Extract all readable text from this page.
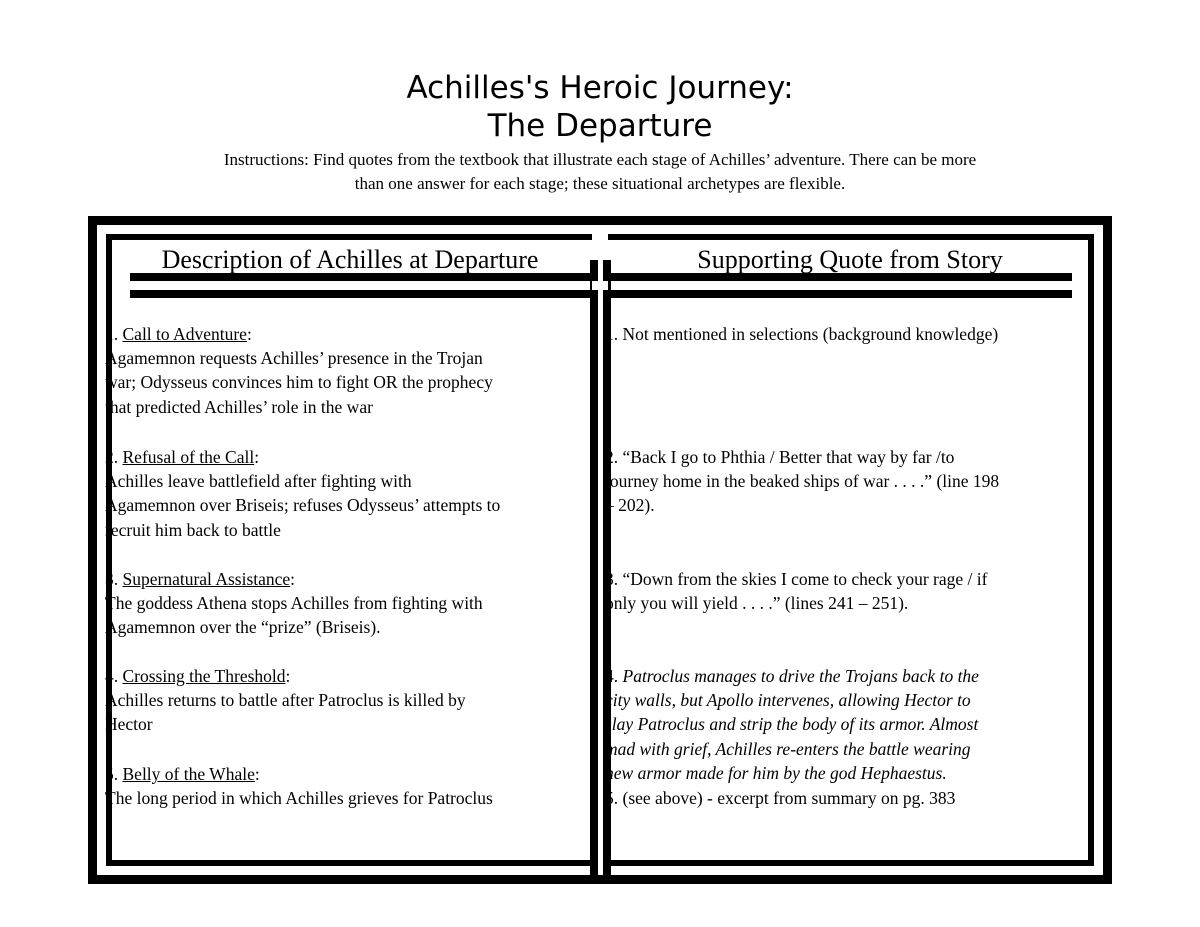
Achilles's Heroic Journey:
The Departure
Instructions: Find quotes from the textbook that illustrate each stage of Achilles’ adventure. There can be more
than one answer for each stage; these situational archetypes are flexible.
Description of Achilles at Departure	Supporting Quote from Story
1. Call to Adventure:
Agamemnon requests Achilles’ presence in the Trojan
war; Odysseus convinces him to fight OR the prophecy
that predicted Achilles’ role in the war
2. Refusal of the Call:
Achilles leave battlefield after fighting with
Agamemnon over Briseis; refuses Odysseus’ attempts to
recruit him back to battle
3. Supernatural Assistance:
The goddess Athena stops Achilles from fighting with
Agamemnon over the “prize” (Briseis).
4. Crossing the Threshold:
Achilles returns to battle after Patroclus is killed by
Hector
5. Belly of the Whale:
The long period in which Achilles grieves for Patroclus
1. Not mentioned in selections (background knowledge)
2. “Back I go to Phthia / Better that way by far /to
journey home in the beaked ships of war . . . .” (line 198
– 202).
3. “Down from the skies I come to check your rage / if
only you will yield . . . .” (lines 241 – 251).
4. Patroclus manages to drive the Trojans back to the
city walls, but Apollo intervenes, allowing Hector to
slay Patroclus and strip the body of its armor. Almost
mad with grief, Achilles re-enters the battle wearing
new armor made for him by the god Hephaestus.
5. (see above) - excerpt from summary on pg. 383
